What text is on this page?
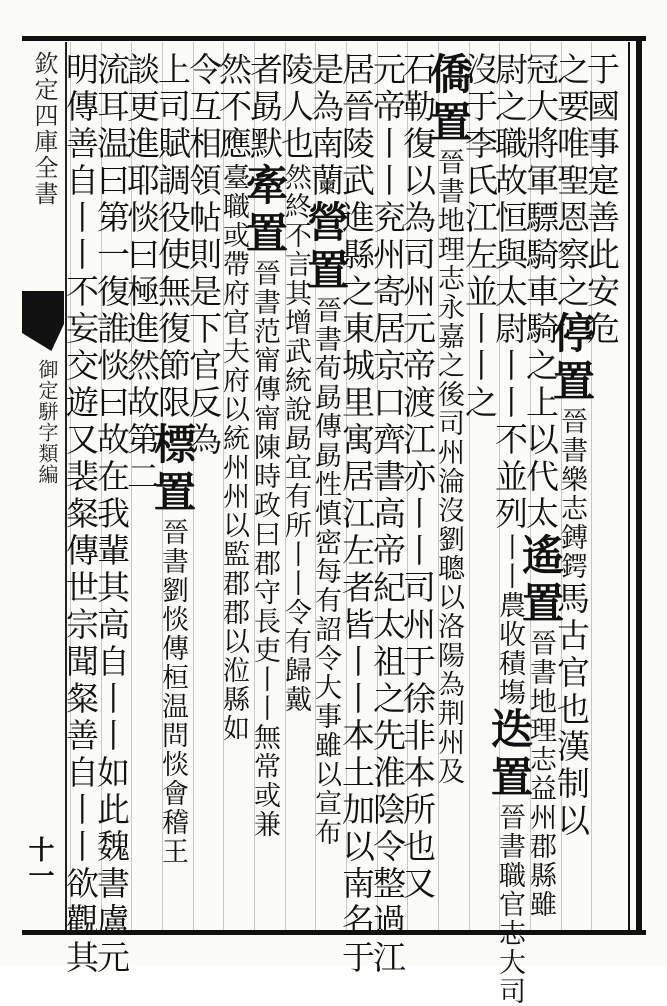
欽定四庫全書
御定駢字類編
十一
于國事寔善此安危
之要唯聖恩察之停置晉書樂志鎛鍔馬古官也漢制以
冠大將軍驃騎車騎之上以代太遙置晉書地理志益州郡縣雖
尉之職故恒與太尉丨丨不並列丨丨農收積塲迭置晉書職官志大司
沒于李氏江左並丨丨之
僑置晉書地理志永嘉之後司州淪沒劉聰以洛陽為荆州及
石勒復以為司州元帝渡江亦丨丨司州于徐非本所也又
元帝丨丨兖州寄居京口齊書高帝紀太祖之先淮陰令整過江
居晉陵武進縣之東城里寓居江左者皆丨丨本土加以南名于
是為南蘭營置晉書荀勗傳勗性慎密每有詔令大事雖以宣布
陵人也然終不言其增武統說勗宜有所丨丨令有歸戴
者勗默牽置晉書范甯傳甯陳時政曰郡守長吏丨丨無常或兼
然不應臺職或帶府官夫府以統州州以監郡郡以涖縣如
令互相領帖則是下官反為
上司賦調役使無復節限標置晉書劉惔傳桓温問惔會稽王
談更進耶惔曰極進然故第二
流耳温曰第一復誰惔曰故在我輩其高自丨丨如此魏書盧元
明傳善自丨丨不妄交遊又裴粲傳世宗聞粲善自丨丨欲觀其
